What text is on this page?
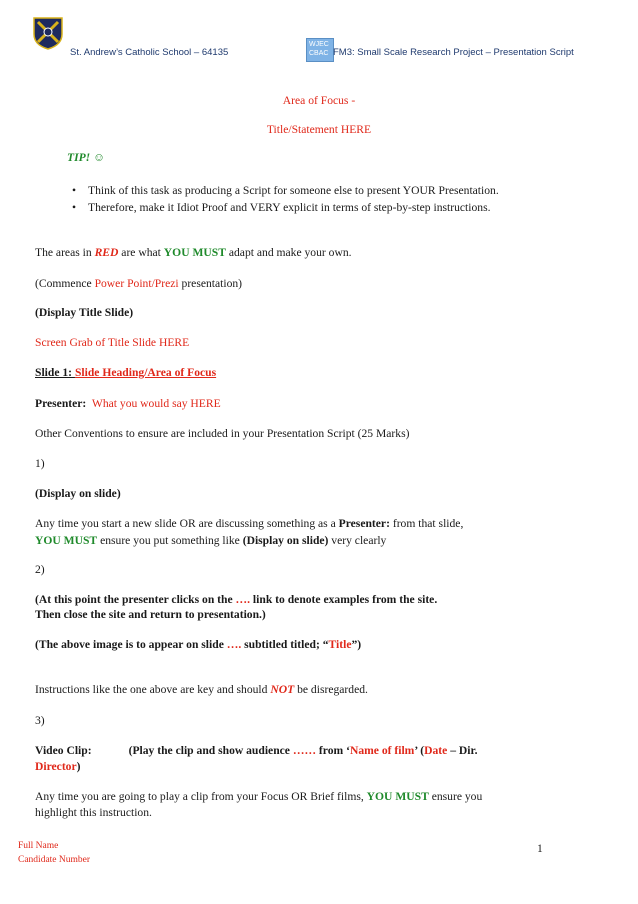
St. Andrew’s Catholic School – 64135
WJEC
CBAC FM3: Small Scale Research Project – Presentation Script
Area of Focus -
Title/Statement HERE
TIP! ☺
• Think of this task as producing a Script for someone else to present YOUR Presentation.
• Therefore, make it Idiot Proof and VERY explicit in terms of step-by-step instructions.
The areas in RED are what YOU MUST adapt and make your own.
(Commence Power Point/Prezi presentation)
(Display Title Slide)
Screen Grab of Title Slide HERE
Slide 1: Slide Heading/Area of Focus
Presenter: What you would say HERE
Other Conventions to ensure are included in your Presentation Script (25 Marks)
1)
(Display on slide)
Any time you start a new slide OR are discussing something as a Presenter: from that slide,
YOU MUST ensure you put something like (Display on slide) very clearly
2)
(At this point the presenter clicks on the …. link to denote examples from the site.
Then close the site and return to presentation.)
(The above image is to appear on slide …. subtitled titled; “Title”)
Instructions like the one above are key and should NOT be disregarded.
3)
Video Clip:	(Play the clip and show audience …… from ‘Name of film’ (Date – Dir.
Director)
Any time you are going to play a clip from your Focus OR Brief films, YOU MUST ensure you
highlight this instruction.
Full Name
Candidate Number
1
